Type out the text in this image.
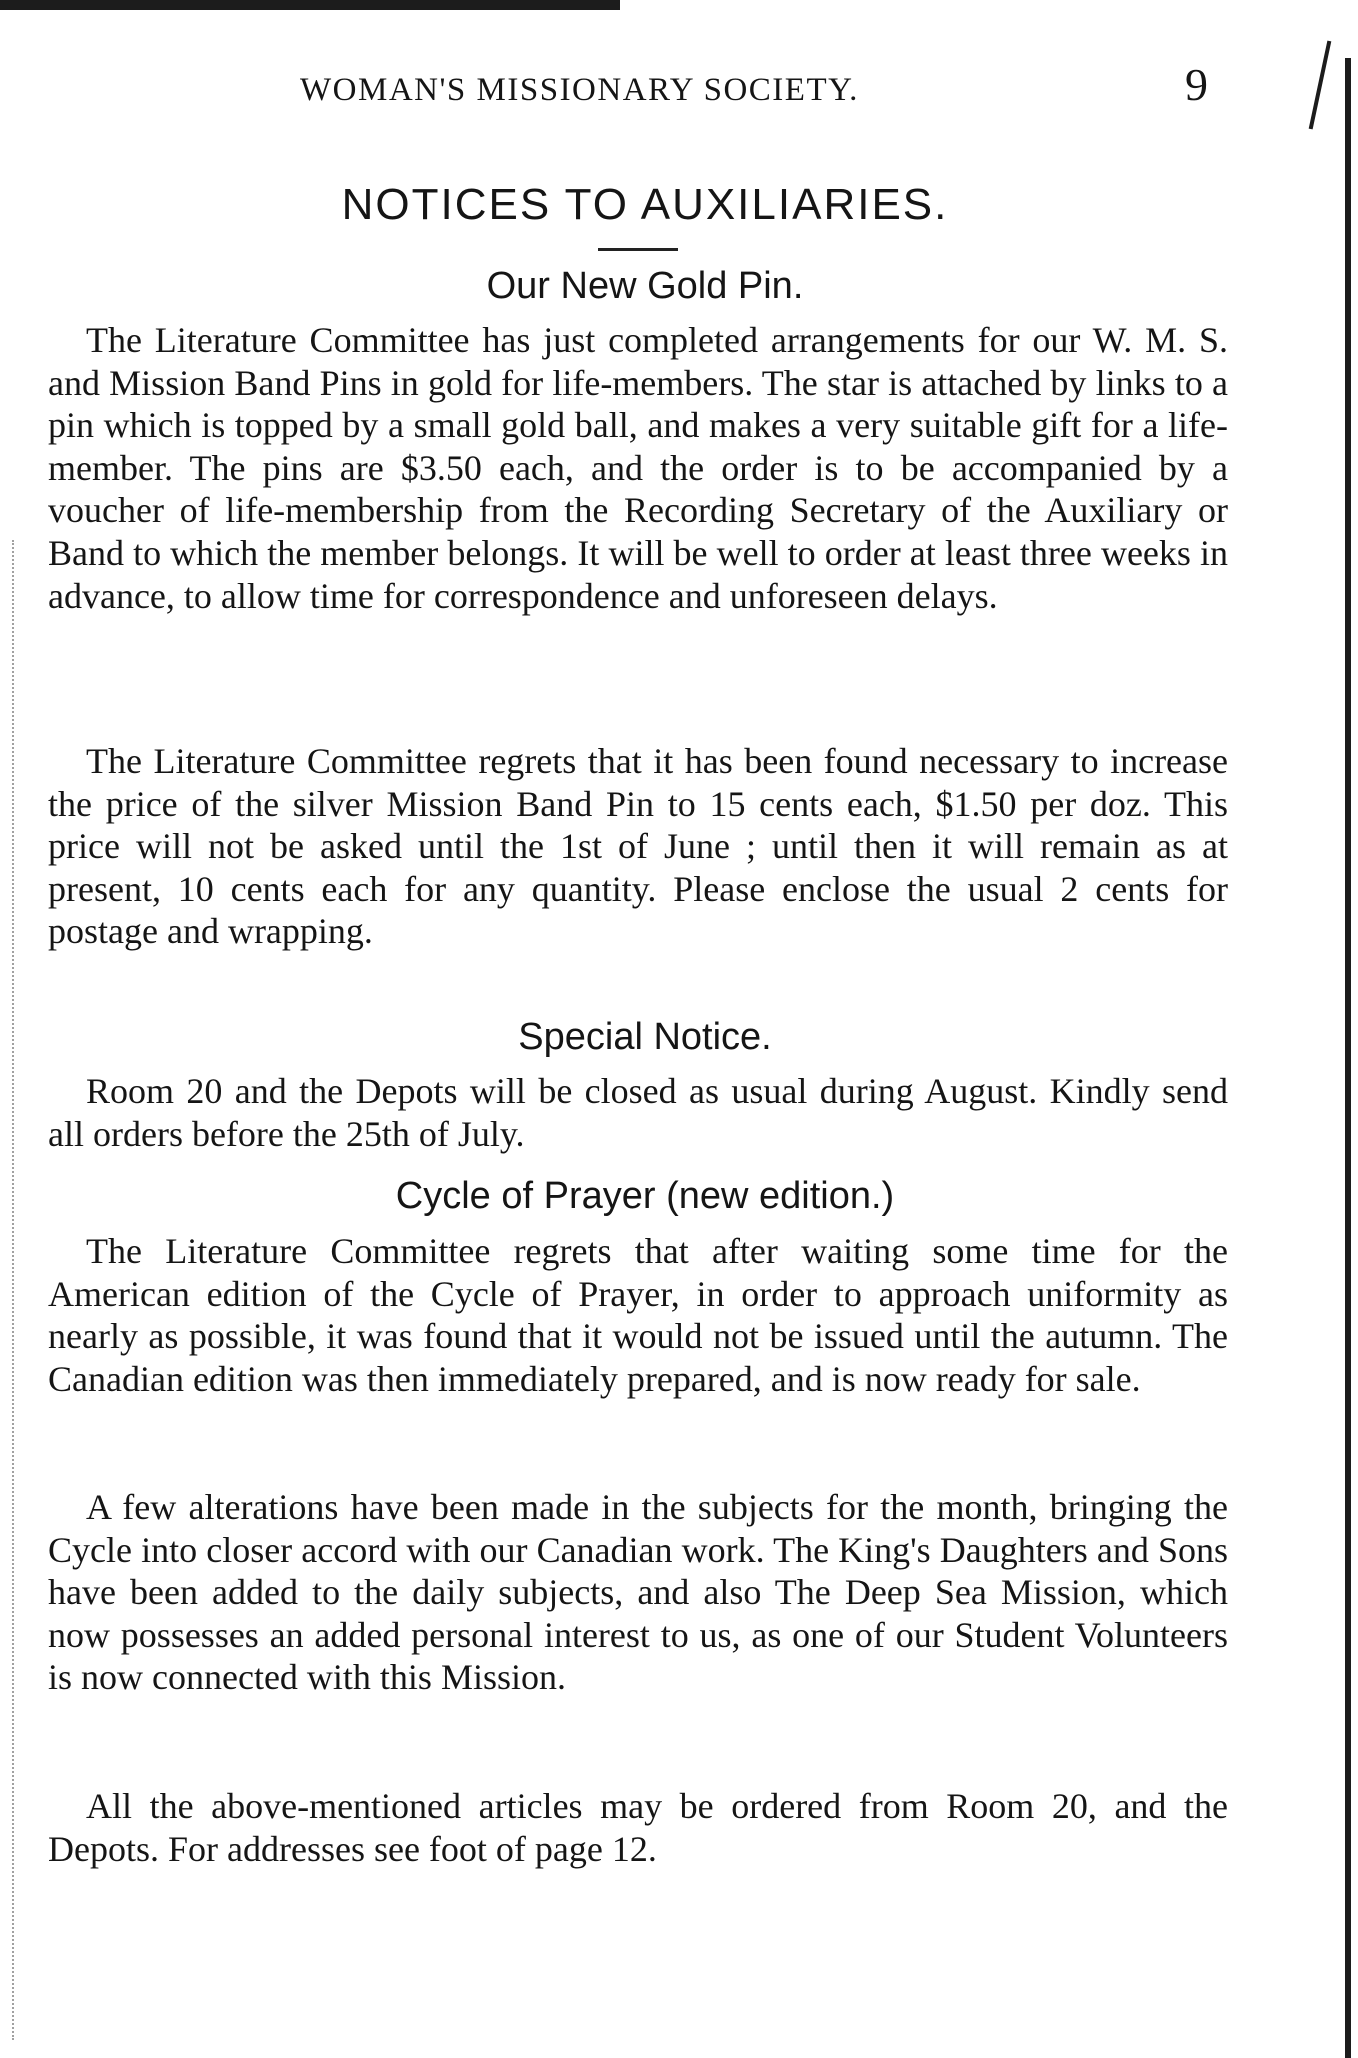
WOMAN'S MISSIONARY SOCIETY.	9
NOTICES TO AUXILIARIES.
Our New Gold Pin.
The Literature Committee has just completed arrangements for our W. M. S. and Mission Band Pins in gold for life-members. The star is attached by links to a pin which is topped by a small gold ball, and makes a very suitable gift for a life-member. The pins are $3.50 each, and the order is to be accompanied by a voucher of life-membership from the Recording Secretary of the Auxiliary or Band to which the member belongs. It will be well to order at least three weeks in advance, to allow time for correspondence and unforeseen delays.
The Literature Committee regrets that it has been found necessary to increase the price of the silver Mission Band Pin to 15 cents each, $1.50 per doz. This price will not be asked until the 1st of June ; until then it will remain as at present, 10 cents each for any quantity. Please enclose the usual 2 cents for postage and wrapping.
Special Notice.
Room 20 and the Depots will be closed as usual during August. Kindly send all orders before the 25th of July.
Cycle of Prayer (new edition.)
The Literature Committee regrets that after waiting some time for the American edition of the Cycle of Prayer, in order to approach uniformity as nearly as possible, it was found that it would not be issued until the autumn. The Canadian edition was then immediately prepared, and is now ready for sale.
A few alterations have been made in the subjects for the month, bringing the Cycle into closer accord with our Canadian work. The King's Daughters and Sons have been added to the daily subjects, and also The Deep Sea Mission, which now possesses an added personal interest to us, as one of our Student Volunteers is now connected with this Mission.
All the above-mentioned articles may be ordered from Room 20, and the Depots. For addresses see foot of page 12.
